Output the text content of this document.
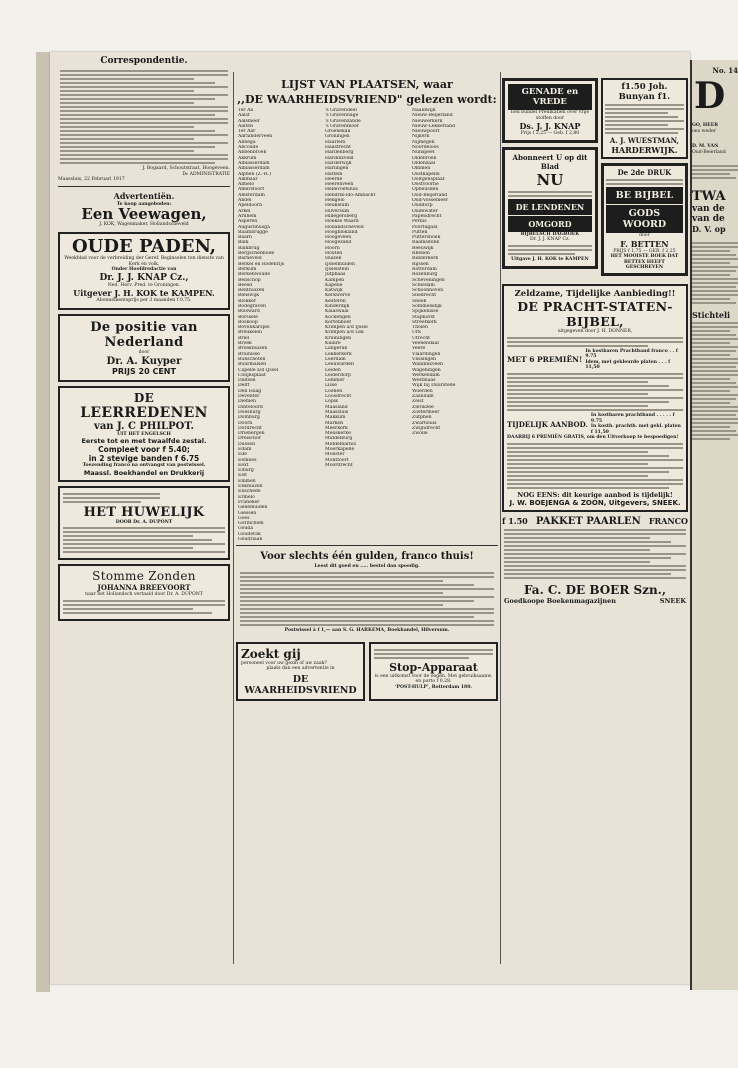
Correspondentie.
J. Bogaard, Schoutstraat, Hoogeveen.
De ADMINISTRATIE
Maassluis, 22 Februari 1917
Advertentiën.
Te koop aangeboden:
Een Veewagen,
J. KOK, Wagenmaker, Hollandscheveld
OUDE PADEN,
Weekblad voor de verbreiding der Geref. Beginselen ten dienste van Kerk en volk,
Onder Hoofdredactie van
Dr. J. J. KNAP Cz.,
Ned. Herv. Pred. te Groningen.
Uitgever J. H. KOK te KAMPEN.
Abonnementsprijs per 3 maanden f 0.75.
De positie van
Nederland
door
Dr. A. Kuyper
PRIJS 20 CENT
DE
LEERREDENEN
van J. C PHILPOT.
UIT HET ENGELSCH
Eerste tot en met twaalfde zestal.
Compleet voor f 5.40;
in 2 stevige banden f 6.75
Toezending franco na ontvangst van postwissel.
Maassl. Boekhandel en Drukkerij
HET HUWELIJK
DOOR Dr. A. DUPONT
Stomme Zonden
JOHANNA BREEVOORT
naar het Hollandsch vertaald door Dr. A. DUPONT
LIJST VAN PLAATSEN, waar
,,DE WAARHEIDSVRIEND" gelezen wordt:
Ter Aa
Aalst
Aalsmeer
Aalten
Ter Aar
Aarlanderveen
Abbega
Abcoude
Abbenbroek
Akkrum
Alblasserdam
Alblasserdam
Alphen (Z.-H.)
Alkmaar
Almelo
Amersfoort
Amsterdam
Andel
Apeldoorn
Arkel
Arnhem
Asperen
Augustinusga
Baambrugge
Baarn
Balk
Balkbrug
Bergschenhoek
Barneveld
Berkel en Rodenrijs
Berkum
Berkenwoude
Benschop
Beesd
Benthuizen
Bleiswijk
Blokker
Bodegraven
Bolsward
Borssele
Boskoop
Bovenkarspel
Breukelen
Briel
Broek
Broekhuizen
Bruinisse
Bunschoten
Buurmalsen
Capelle a/d IJssel
Colijnsplaat
Dalfsen
Delft
Den Haag
Deventer
Diemen
Dinteloord
Doesburg
Domburg
Doorn
Dordrecht
Driebergen
Dreischor
Dussen
Edam
Ede
Eemnes
Eext
Elburg
Elst
Emmen
Enkhuizen
Enschede
Ermelo
Franeker
Genemuiden
Giessen
Goes
Gorinchem
Gouda
Gouderak
Goudriaan
's Gravendeel
's Gravenhage
's Gravenzande
's Gravenmoer
Groenekan
Groningen
Haarlem
Haastrecht
Hardenberg
Hardinxveld
Harderwijk
Harlingen
Hattem
Heerde
Heerenveen
Hellevoetsluis
Hendrik-Ido-Ambacht
Hengelo
Heukelum
Hilversum
Hillegersberg
Hoekse Waard
Hollandscheveld
Hoogblokland
Hoogeveen
Hoogezand
Hoorn
Houten
Huizen
IJsselmuiden
IJsselstein
Jutphaas
Kampen
Kapelle
Katwijk
Kerkwerve
Kesteren
Kinderdijk
Klaaswaal
Kockengen
Kortenhoef
Krimpen a/d IJssel
Krimpen a/d Lek
Kruiningen
Kuinre
Langerak
Lekkerkerk
Leerdam
Leeuwarden
Leiden
Leiderdorp
Lemmer
Lisse
Loenen
Loosdrecht
Lopik
Maasland
Maassluis
Makkum
Marken
Meerkerk
Meliskerke
Middelburg
Middelharnis
Moerkapelle
Monster
Montfoort
Moordrecht
Naaldwijk
Nieuw-Beijerland
Nieuwerkerk
Nieuw-Lekkerland
Nieuwpoort
Nijkerk
Nijmegen
Noordeloos
Nunspeet
Oldebroek
Oldenzaal
Ommen
Oostkapelle
Ooltgensplaat
Oostvoorne
Opheusden
Oud-Beijerland
Oud-Vossemeer
Ouddorp
Oudewater
Papendrecht
Pernis
Poortugaal
Putten
Puttershoek
Raamsdonk
Reeuwijk
Rhenen
Ridderkerk
Rijssen
Rotterdam
Rozenburg
Scheveningen
Schiedam
Schoonhoven
Sliedrecht
Sneek
Sommelsdijk
Spijkenisse
Staphorst
Streefkerk
Tholen
Urk
Utrecht
Veenendaal
Veere
Vlaardingen
Vlissingen
Waddinxveen
Wageningen
Werkendam
Westmaas
Wijk bij Duurstede
Woerden
Zaandam
Zeist
Zierikzee
Zoetermeer
Zutphen
Zwartsluis
Zwijndrecht
Zwolle
Voor slechts één gulden, franco thuis!
Leest dit goed en ..... bestel dan spoedig.
Postwissel à f 1,— aan S. G. HARKEMA, Boekhandel, Hilversum.
Zoekt gij
personeel voor uw gezin of uw zaak?
plaats dan een advertentie in
DE WAARHEIDSVRIEND
Stop-Apparaat
is een uitkomst voor de oogen. Met gebruiksaanw. en porto f 0.28.
‘POST-HULP’, Rotterdam 180.
GENADE en VREDE
Een bundel Predikatiën over vrije stoffen door
Ds. J. J. KNAP
Prijs f 2,25 — Geb. f 2,80
Abonneert U op dit Blad
NU
DE LENDENEN
OMGORD
BIJBELSCH DAGBOEK
Dr. J. J. KNAP Cz.
Uitgave J. H. KOK te KAMPEN
f1.50 Joh. Bunyan f1.
A. J. WUESTMAN,
HARDERWIJK.
De 2de DRUK
BE BIJBEL
GODS WOORD
door
F. BETTEN
PRIJS f 1,75 — GEB. f 2,25
HET MOOISTE BOEK DAT BETTEX HEEFT GESCHREVEN
Zeldzame, Tijdelijke Aanbieding!!
DE PRACHT-STATEN-BIJBEL,
uitgegeven door J. H. DONNER,
MET 6 PREMIËN!
In kostbaren Prachtband franco . . f 9.75
Idem, met gekleurde platen . . . f 11,50
TIJDELIJK AANBOD.
In kostbaren prachtband . . . . . f 9.75
In kosth. prachtb. met gekl. platen f 11,50
DAARBIJ 6 PREMIËN GRATIS, om den Uitverkoop te bespoedigen!
NOG EENS: dit keurige aanbod is tijdelijk!
J. W. BOEJENGA & ZOON, Uitgevers, SNEEK.
f 1.50 PAKKET PAARLEN FRANCO
Fa. C. DE BOER Szn.,
Goedkoope Boekenmagazijnen	SNEEK
No. 14
D
GO, HEER
ons weder
D. M. VAN
Oud-Beierland
TWA
van de
van de
D. V. op
Stichteli
